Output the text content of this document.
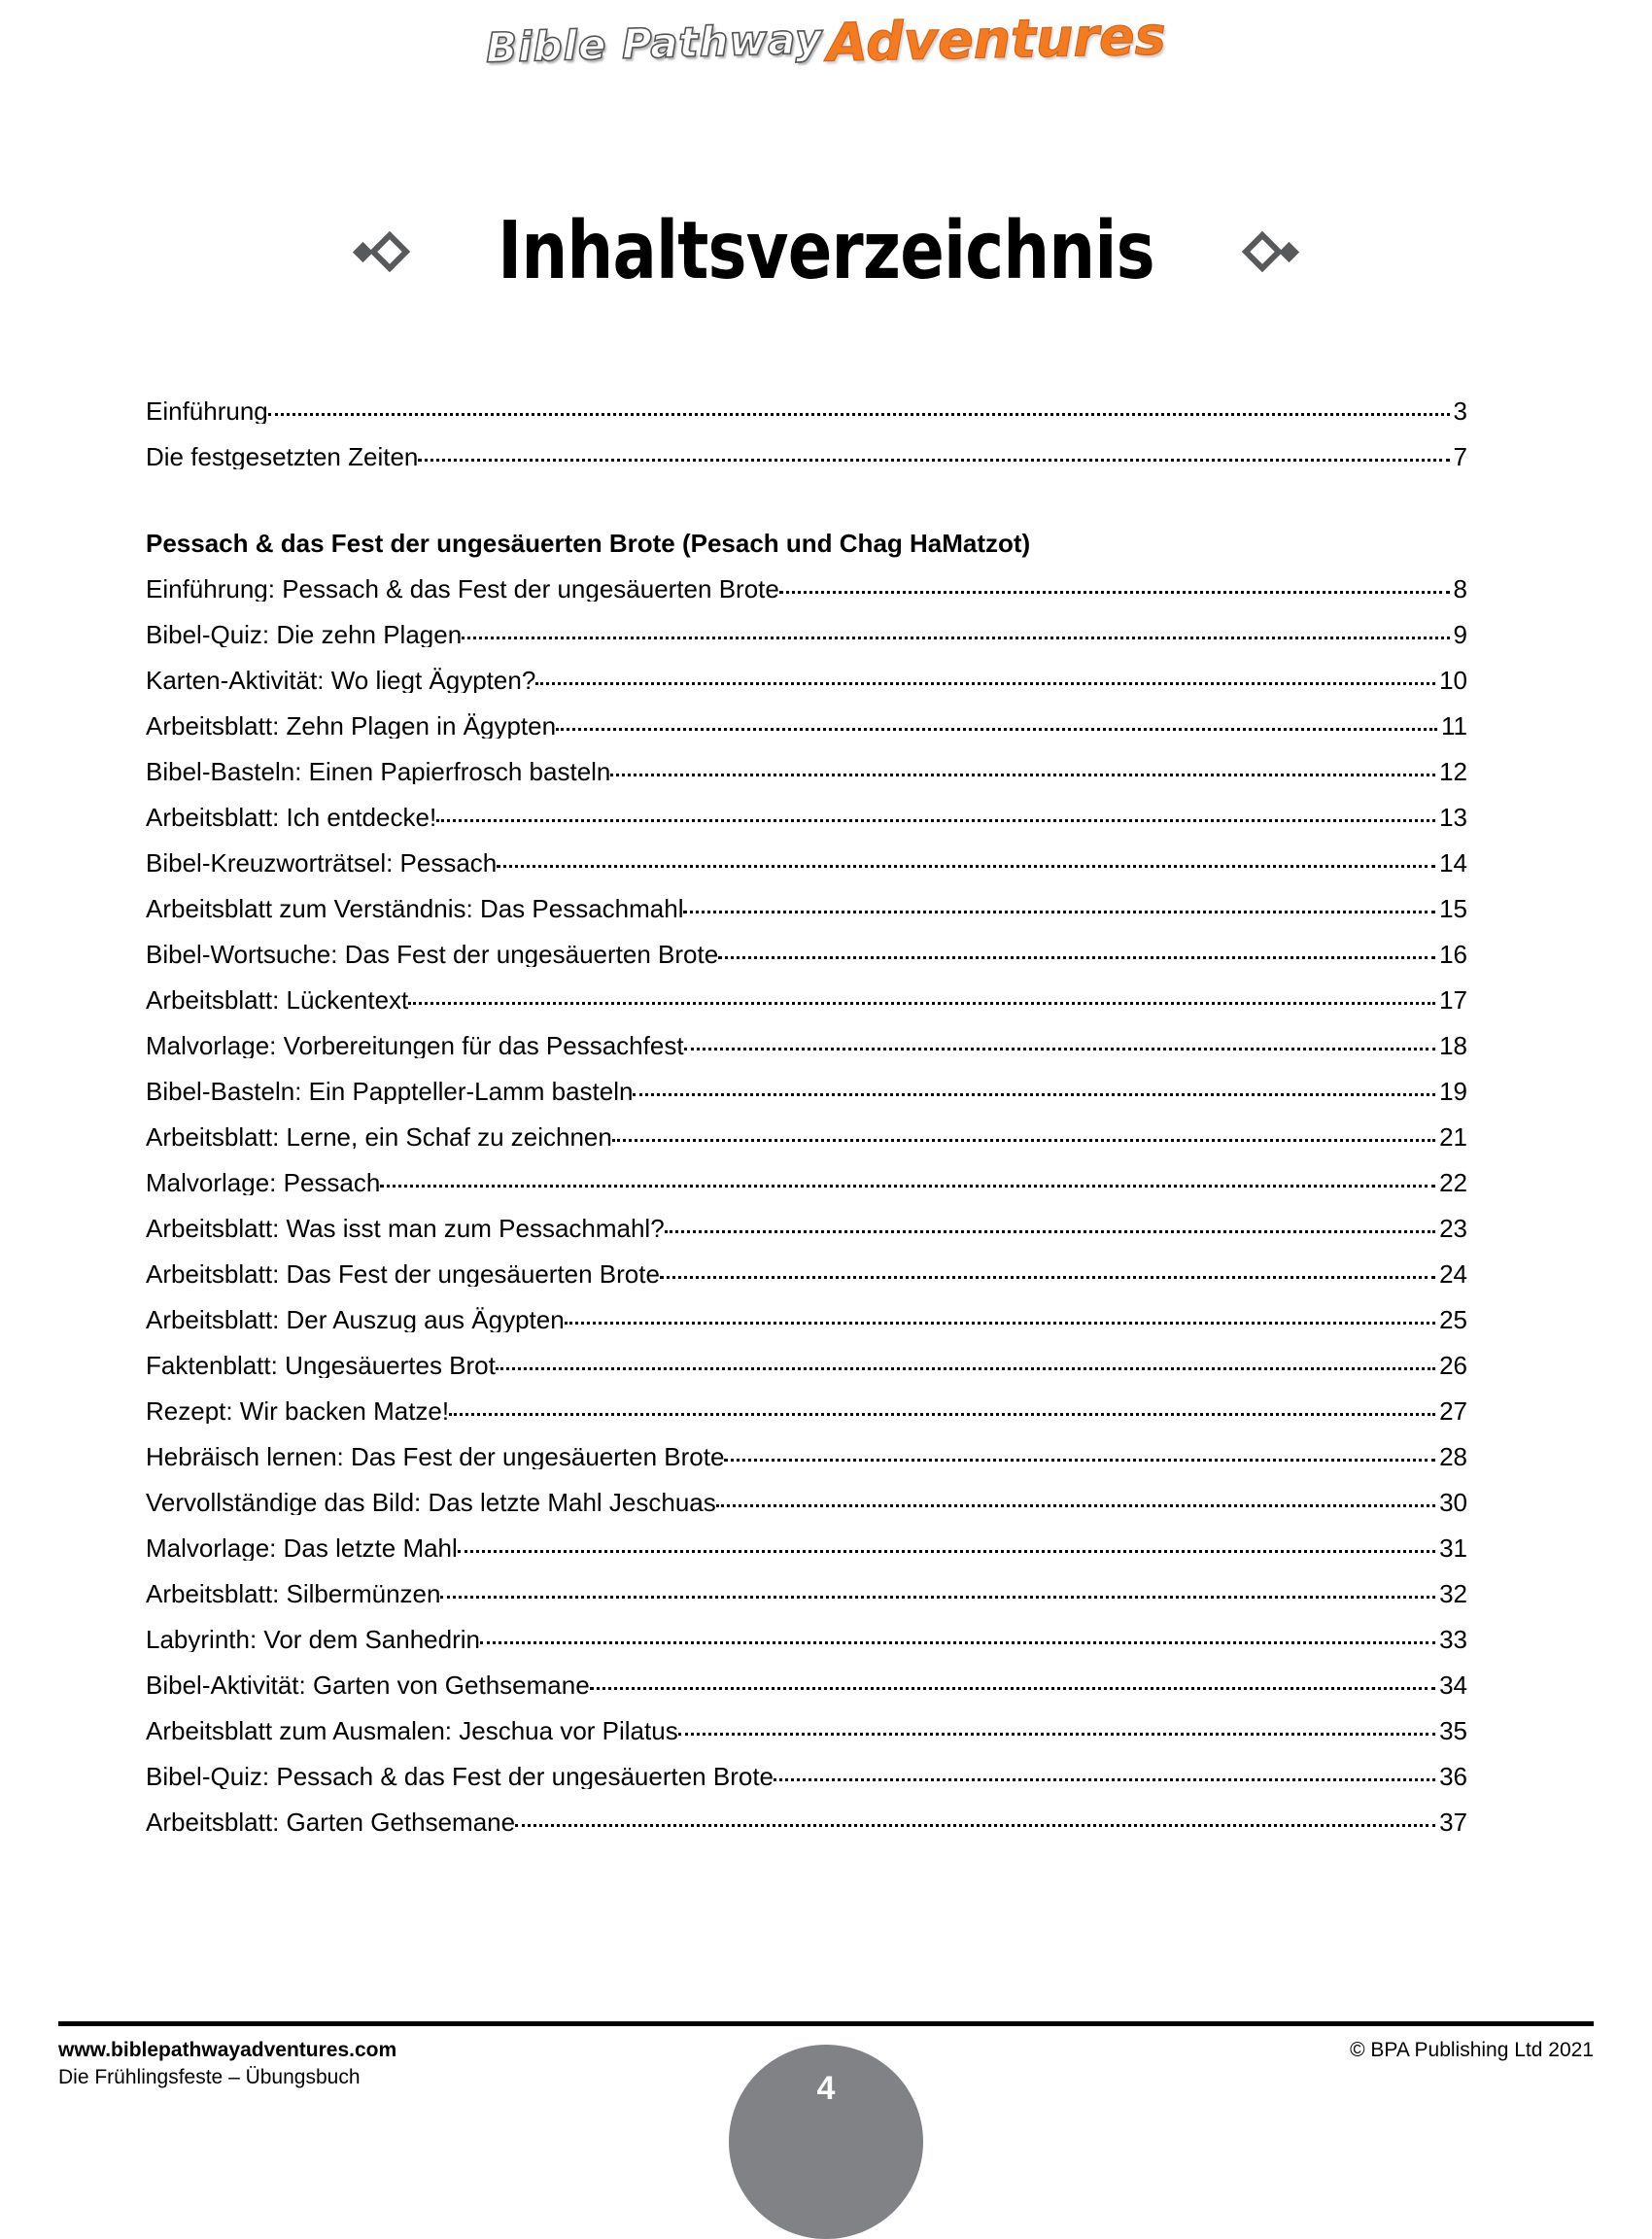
Bible Pathway Adventures
Inhaltsverzeichnis
Einführung	3
Die festgesetzten Zeiten	7
Pessach & das Fest der ungesäuerten Brote (Pesach und Chag HaMatzot)
Einführung: Pessach & das Fest der ungesäuerten Brote	8
Bibel-Quiz: Die zehn Plagen	9
Karten-Aktivität: Wo liegt Ägypten?	10
Arbeitsblatt: Zehn Plagen in Ägypten	11
Bibel-Basteln: Einen Papierfrosch basteln	12
Arbeitsblatt: Ich entdecke!	13
Bibel-Kreuzworträtsel: Pessach	14
Arbeitsblatt zum Verständnis: Das Pessachmahl	15
Bibel-Wortsuche: Das Fest der ungesäuerten Brote	16
Arbeitsblatt: Lückentext	17
Malvorlage: Vorbereitungen für das Pessachfest	18
Bibel-Basteln: Ein Pappteller-Lamm basteln	19
Arbeitsblatt: Lerne, ein Schaf zu zeichnen	21
Malvorlage: Pessach	22
Arbeitsblatt: Was isst man zum Pessachmahl?	23
Arbeitsblatt: Das Fest der ungesäuerten Brote	24
Arbeitsblatt: Der Auszug aus Ägypten	25
Faktenblatt: Ungesäuertes Brot	26
Rezept: Wir backen Matze!	27
Hebräisch lernen: Das Fest der ungesäuerten Brote	28
Vervollständige das Bild: Das letzte Mahl Jeschuas	30
Malvorlage: Das letzte Mahl	31
Arbeitsblatt: Silbermünzen	32
Labyrinth: Vor dem Sanhedrin	33
Bibel-Aktivität: Garten von Gethsemane	34
Arbeitsblatt zum Ausmalen: Jeschua vor Pilatus	35
Bibel-Quiz: Pessach & das Fest der ungesäuerten Brote	36
Arbeitsblatt: Garten Gethsemane	37
www.biblepathwayadventures.com
Die Frühlingsfeste – Übungsbuch
© BPA Publishing Ltd 2021
4
